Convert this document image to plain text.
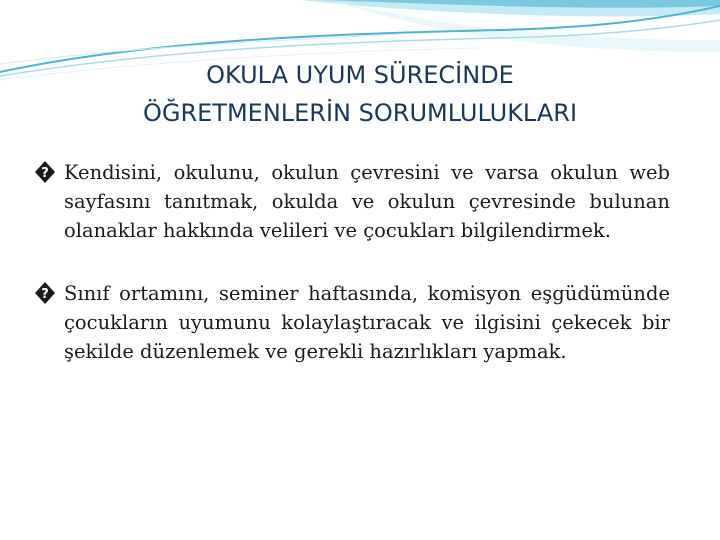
OKULA UYUM SÜRECİNDE
ÖĞRETMENLERİN SORUMLULUKLARI
? Kendisini, okulunu, okulun çevresini ve varsa okulun web sayfasını tanıtmak, okulda ve okulun çevresinde bulunan olanaklar hakkında velileri ve çocukları bilgilendirmek.
? Sınıf ortamını, seminer haftasında, komisyon eşgüdümünde çocukların uyumunu kolaylaştıracak ve ilgisini çekecek bir şekilde düzenlemek ve gerekli hazırlıkları yapmak.
